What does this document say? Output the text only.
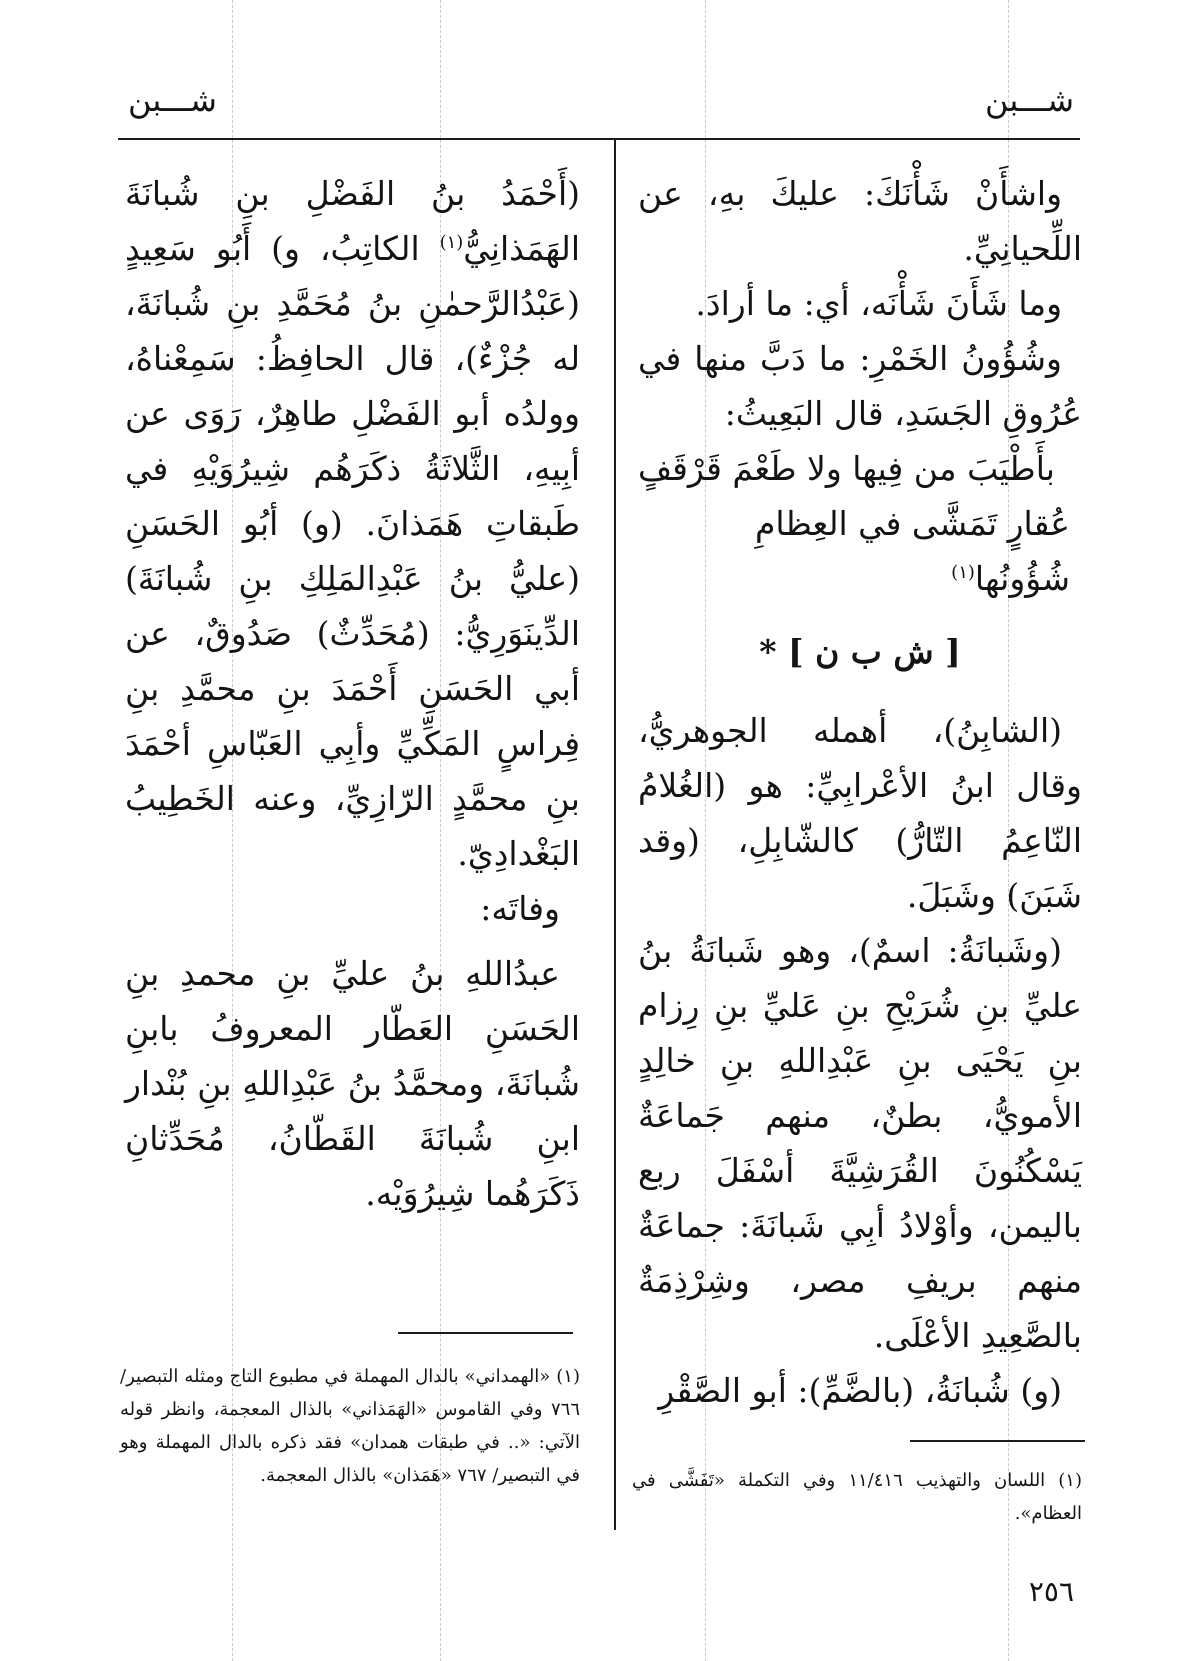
شـــبن
شـــبن

واشأَنْ شَأْنَكَ: عليكَ بهِ، عن اللِّحيانِيِّ.

وما شَأَنَ شَأْنَه، أي: ما أرادَ.

وشُؤُونُ الخَمْرِ: ما دَبَّ منها في عُرُوقِ الجَسَدِ، قال البَعِيثُ:

بأَطْيَبَ من فِيها ولا طَعْمَ قَرْقَفٍ
عُقارٍ تَمَشَّى في العِظامِ شُؤُونُها$^{(١)}$
[ ش ب ن ] *

(الشابِنُ)، أهمله الجوهريُّ، وقال ابنُ الأعْرابِيِّ: هو (الغُلامُ النّاعِمُ التّارُّ) كالشّابِلِ، (وقد شَبَنَ) وشَبَلَ.

(وشَبانَةُ: اسمٌ)، وهو شَبانَةُ بنُ عليِّ بنِ شُرَيْحِ بنِ عَليِّ بنِ رِزام بنِ يَحْيَى بنِ عَبْدِاللهِ بنِ خالِدٍ الأمويُّ، بطنٌ، منهم جَماعَةٌ يَسْكُنُونَ القُرَشِيَّةَ أسْفَلَ ربع باليمن، وأوْلادُ أبِي شَبانَةَ: جماعَةٌ منهم بريفِ مصر، وشِرْذِمَةٌ بالصَّعِيدِ الأعْلَى.

(و) شُبانَةُ، (بالضَّمِّ): أبو الصَّقْرِ

(أَحْمَدُ بنُ الفَضْلِ بنِ شُبانَةَ الهَمَذانِيُّ$^{(١)}$ الكاتِبُ، و) أَبُو سَعِيدٍ (عَبْدُالرَّحمٰنِ بنُ مُحَمَّدِ بنِ شُبانَةَ، له جُزْءٌ)، قال الحافِظُ: سَمِعْناهُ، وولدُه أبو الفَضْلِ طاهِرٌ، رَوَى عن أبِيهِ، الثَّلاثَةُ ذكَرَهُم شِيرُوَيْهِ في طَبقاتِ هَمَذانَ. (و) أبُو الحَسَنِ (عليُّ بنُ عَبْدِالمَلِكِ بنِ شُبانَةَ) الدِّينَوَرِيُّ: (مُحَدِّثٌ) صَدُوقٌ، عن أبي الحَسَنِ أَحْمَدَ بنِ محمَّدِ بنِ فِراسٍ المَكِّيِّ وأبِي العَبّاسِ أحْمَدَ بنِ محمَّدٍ الرّازِيِّ، وعنه الخَطِيبُ البَغْدادِيّ.

وفاتَه:

عبدُاللهِ بنُ عليِّ بنِ محمدِ بنِ الحَسَنِ العَطّار المعروفُ بابنِ شُبانَةَ، ومحمَّدُ بنُ عَبْدِاللهِ بنِ بُنْدار ابنِ شُبانَةَ القَطّانُ، مُحَدِّثانِ ذَكَرَهُما شِيرُوَيْه.

(١) اللسان والتهذيب ١١/٤١٦ وفي التكملة «تَفَشَّى في العظام».
(١) «الهمداني» بالدال المهملة في مطبوع التاج ومثله التبصير/٧٦٦ وفي القاموس «الهَمَذاني» بالذال المعجمة، وانظر قوله الآتي: «.. في طبقات همدان» فقد ذكره بالدال المهملة وهو في التبصير/ ٧٦٧ «هَمَذان» بالذال المعجمة.
٢٥٦
